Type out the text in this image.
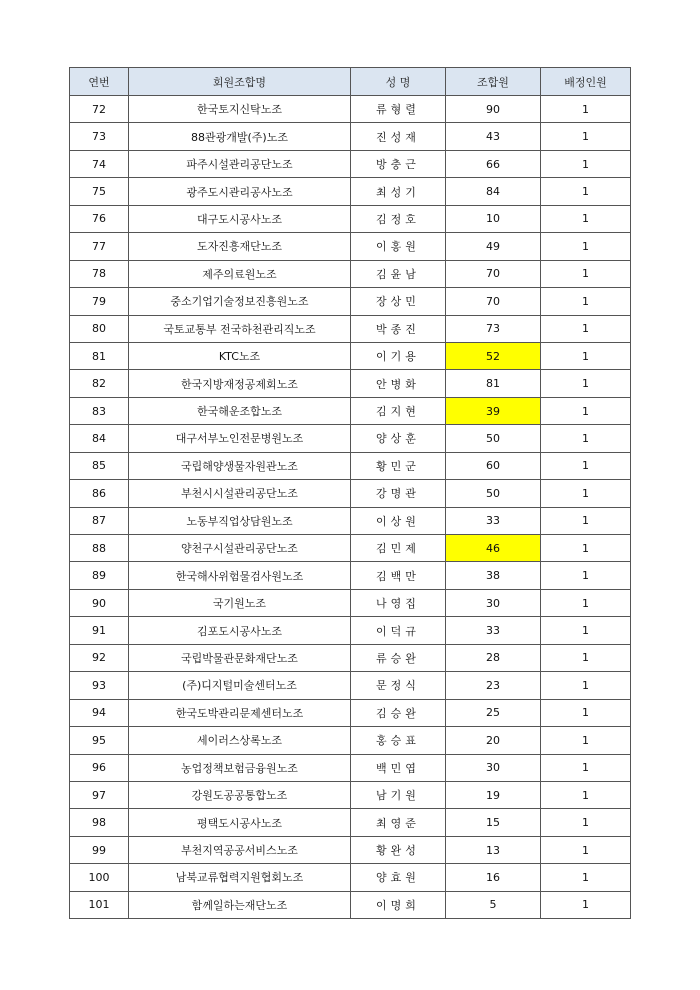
연번	회원조합명	성 명	조합원	배정인원
72	한국토지신탁노조	류형렬	90	1
73	88관광개발(주)노조	진성재	43	1
74	파주시설관리공단노조	방충근	66	1
75	광주도시관리공사노조	최성기	84	1
76	대구도시공사노조	김정호	10	1
77	도자진흥재단노조	이홍원	49	1
78	제주의료원노조	김윤남	70	1
79	중소기업기술정보진흥원노조	장상민	70	1
80	국토교통부 전국하천관리직노조	박종진	73	1
81	KTC노조	이기용	52	1
82	한국지방재정공제회노조	안병화	81	1
83	한국해운조합노조	김지현	39	1
84	대구서부노인전문병원노조	양상훈	50	1
85	국립해양생물자원관노조	황민군	60	1
86	부천시시설관리공단노조	강명관	50	1
87	노동부직업상담원노조	이상원	33	1
88	양천구시설관리공단노조	김민제	46	1
89	한국해사위험물검사원노조	김백만	38	1
90	국기원노조	나영집	30	1
91	김포도시공사노조	이덕규	33	1
92	국립박물관문화재단노조	류승완	28	1
93	(주)디지털미술센터노조	문정식	23	1
94	한국도박관리문제센터노조	김승완	25	1
95	세이러스상록노조	홍승표	20	1
96	농업정책보험금융원노조	백민엽	30	1
97	강원도공공통합노조	남기원	19	1
98	평택도시공사노조	최영준	15	1
99	부천지역공공서비스노조	황완성	13	1
100	남북교류협력지원협회노조	양효원	16	1
101	함께일하는재단노조	이명희	5	1
